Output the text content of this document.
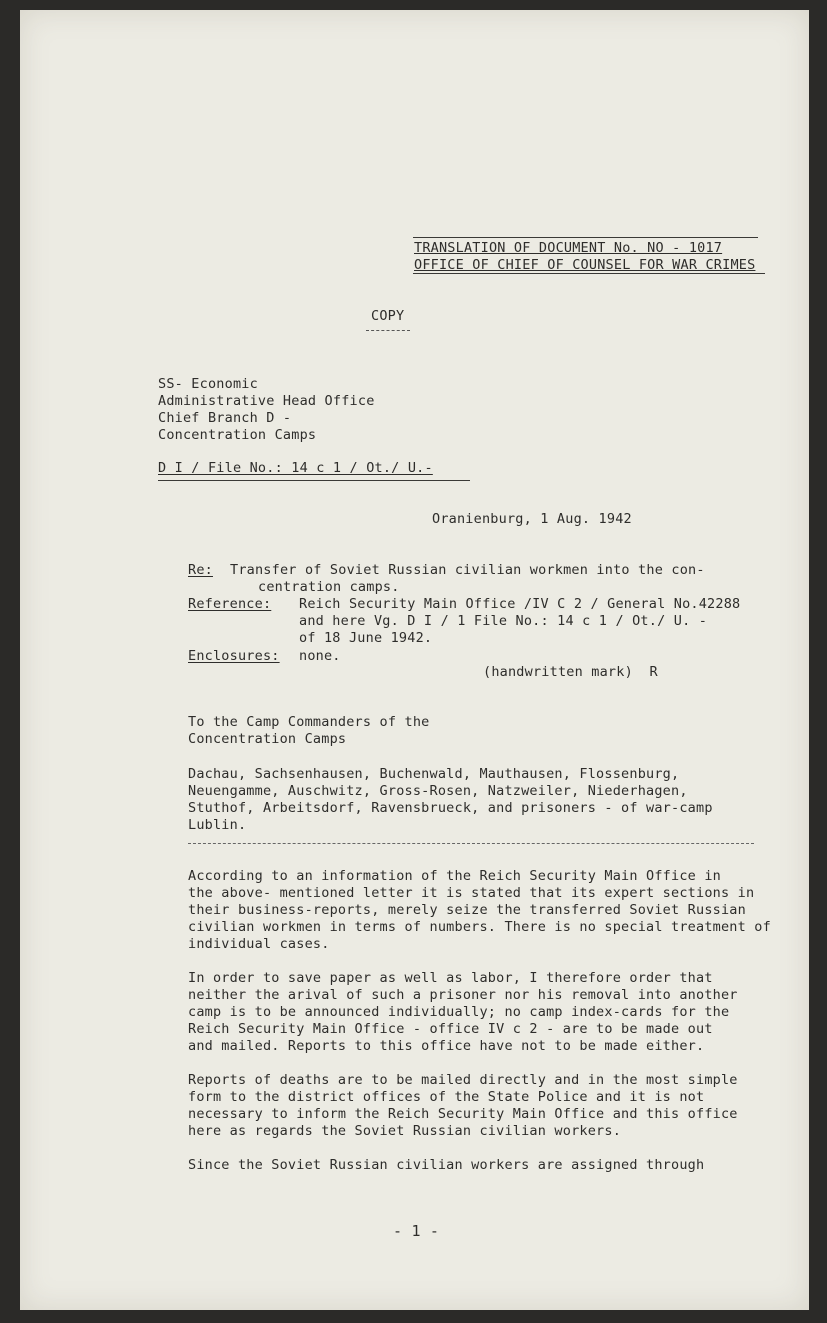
TRANSLATION OF DOCUMENT No. NO - 1017
OFFICE OF CHIEF OF COUNSEL FOR WAR CRIMES
COPY
SS- Economic
Administrative Head Office
Chief Branch D -
Concentration Camps
D I / File No.: 14 c 1 / Ot./ U.-
Oranienburg, 1 Aug. 1942
Re: Transfer of Soviet Russian civilian workmen into the con-
centration camps.
Reference: Reich Security Main Office /IV C 2 / General No.42288
and here Vg. D I / 1 File No.: 14 c 1 / Ot./ U. -
of 18 June 1942.
Enclosures: none.
(handwritten mark)  R
To the Camp Commanders of the
Concentration Camps
Dachau, Sachsenhausen, Buchenwald, Mauthausen, Flossenburg,
Neuengamme, Auschwitz, Gross-Rosen, Natzweiler, Niederhagen,
Stuthof, Arbeitsdorf, Ravensbrueck, and prisoners - of war-camp
Lublin.
According to an information of the Reich Security Main Office in
the above- mentioned letter it is stated that its expert sections in
their business-reports, merely seize the transferred Soviet Russian
civilian workmen in terms of numbers. There is no special treatment of
individual cases.
In order to save paper as well as labor, I therefore order that
neither the arival of such a prisoner nor his removal into another
camp is to be announced individually; no camp index-cards for the
Reich Security Main Office - office IV c 2 - are to be made out
and mailed. Reports to this office have not to be made either.
Reports of deaths are to be mailed directly and in the most simple
form to the district offices of the State Police and it is not
necessary to inform the Reich Security Main Office and this office
here as regards the Soviet Russian civilian workers.
Since the Soviet Russian civilian workers are assigned through
- 1 -
